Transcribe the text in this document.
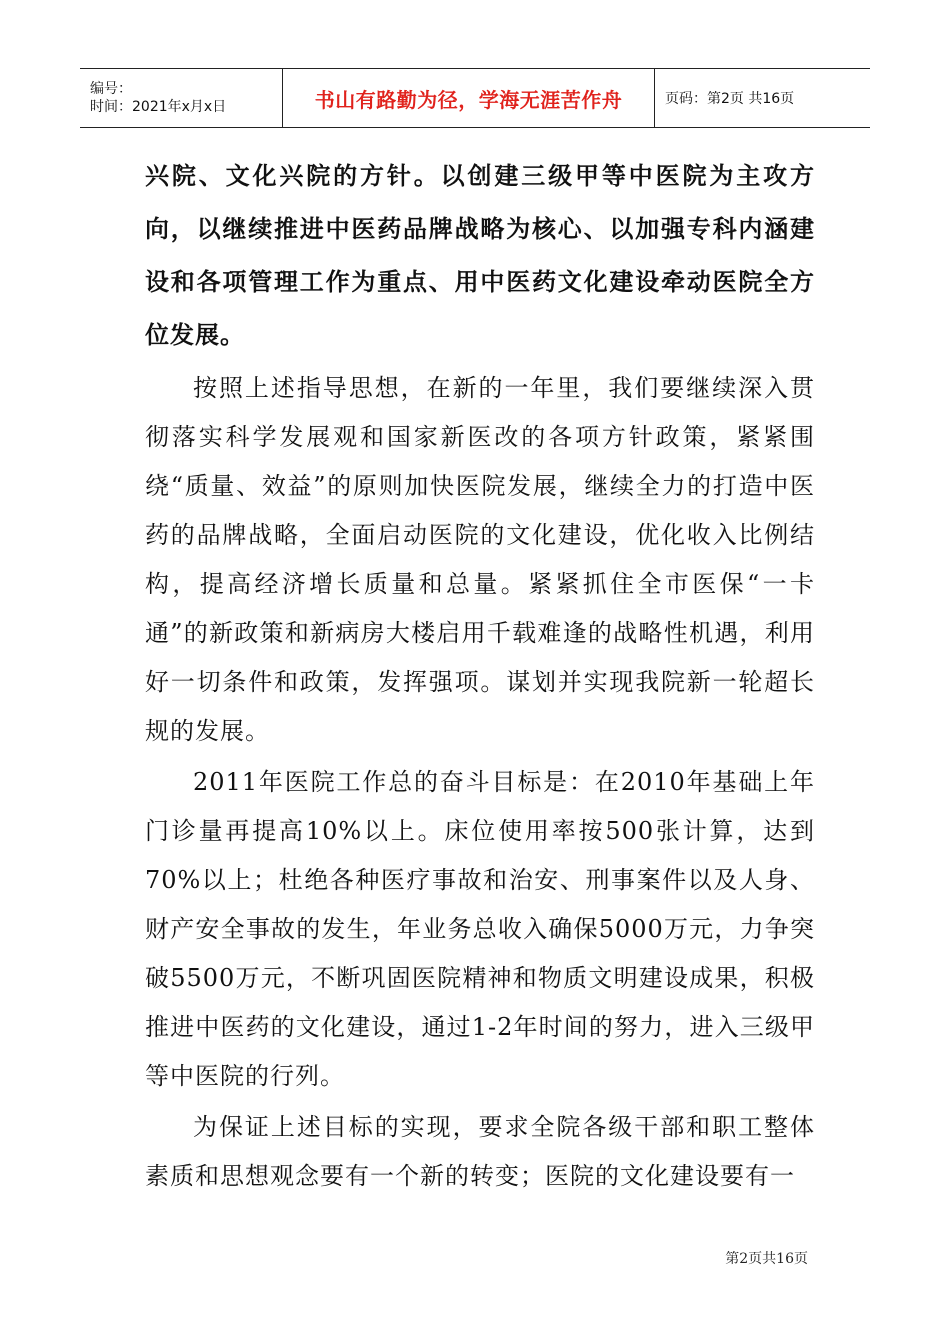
编号：
时间：2021年x月x日	书山有路勤为径，学海无涯苦作舟	页码：第2页 共16页

兴院、文化兴院的方针。以创建三级甲等中医院为主攻方向，以继续推进中医药品牌战略为核心、以加强专科内涵建设和各项管理工作为重点、用中医药文化建设牵动医院全方位发展。

按照上述指导思想，在新的一年里，我们要继续深入贯彻落实科学发展观和国家新医改的各项方针政策，紧紧围绕“质量、效益”的原则加快医院发展，继续全力的打造中医药的品牌战略，全面启动医院的文化建设，优化收入比例结构，提高经济增长质量和总量。紧紧抓住全市医保“一卡通”的新政策和新病房大楼启用千载难逢的战略性机遇，利用好一切条件和政策，发挥强项。谋划并实现我院新一轮超长规的发展。

2011年医院工作总的奋斗目标是：在2010年基础上年门诊量再提高10%以上。床位使用率按500张计算，达到70%以上；杜绝各种医疗事故和治安、刑事案件以及人身、财产安全事故的发生，年业务总收入确保5000万元，力争突破5500万元，不断巩固医院精神和物质文明建设成果，积极推进中医药的文化建设，通过1-2年时间的努力，进入三级甲等中医院的行列。

为保证上述目标的实现，要求全院各级干部和职工整体素质和思想观念要有一个新的转变；医院的文化建设要有一

第2页共16页
